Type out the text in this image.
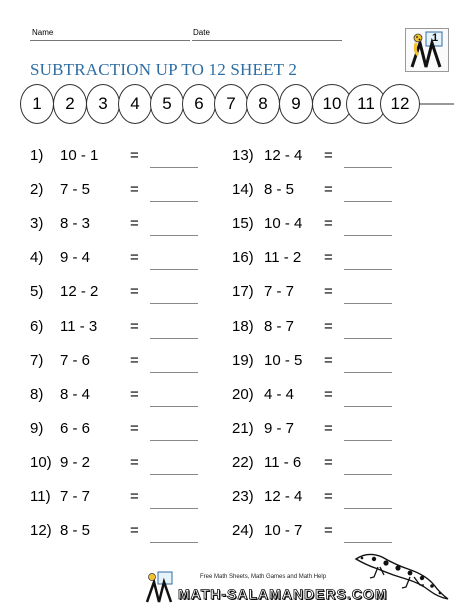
Name	Date	1
SUBTRACTION UP TO 12 SHEET 2
1	2	3	4	5	6	7	8	9	10 11 12
1) 10 - 1 =
2) 7 - 5	=
3) 8 - 3	=
4) 9 - 4	=
5) 12 - 2 =
6) 11 - 3 =
7) 7 - 6	=
8) 8 - 4	=
9) 6 - 6	=
10) 9 - 2	=
11) 7 - 7	=
12) 8 - 5	=
13) 12 - 4 =
14) 8 - 5 =
15) 10 - 4 =
16) 11 - 2 =
17) 7 - 7 =
18) 8 - 7 =
19) 10 - 5 =
20) 4 - 4 =
21) 9 - 7 =
22) 11 - 6 =
23) 12 - 4 =
24) 10 - 7 =
Free Math Sheets, Math Games and Math Help
MATH-SALAMANDERS.COM
